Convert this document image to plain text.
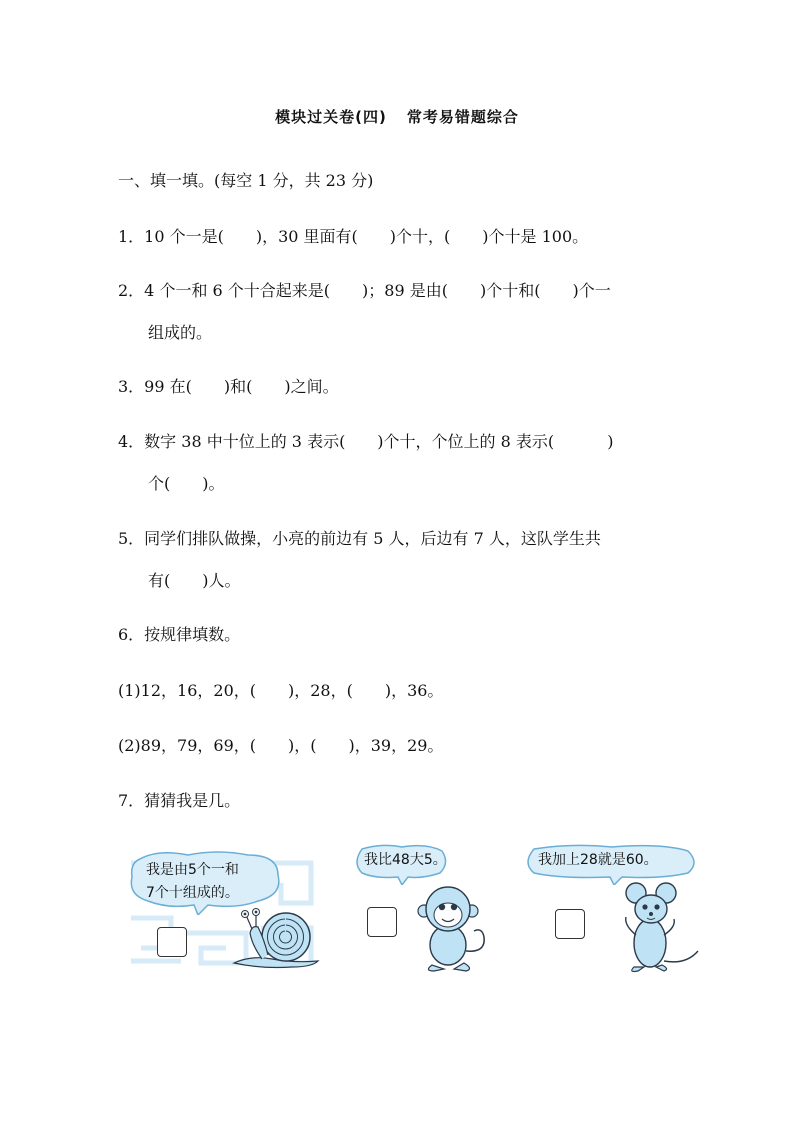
模块过关卷(四) 常考易错题综合
一、填一填。(每空 1 分，共 23 分)
1．10 个一是(　　)，30 里面有(　　)个十，(　　)个十是 100。
2．4 个一和 6 个十合起来是(　　)；89 是由(　　)个十和(　　)个一
组成的。
3．99 在(　　)和(　　)之间。
4．数字 38 中十位上的 3 表示(　　)个十，个位上的 8 表示(　　　 )
个(　　)。
5．同学们排队做操，小亮的前边有 5 人，后边有 7 人，这队学生共
有(　　)人。
6．按规律填数。
(1)12，16，20，(　　)，28，(　　)，36。
(2)89，79，69，(　　)，(　　)，39，29。
7．猜猜我是几。
我是由5个一和
7个十组成的。
我比48大5。	我加上28就是60。
